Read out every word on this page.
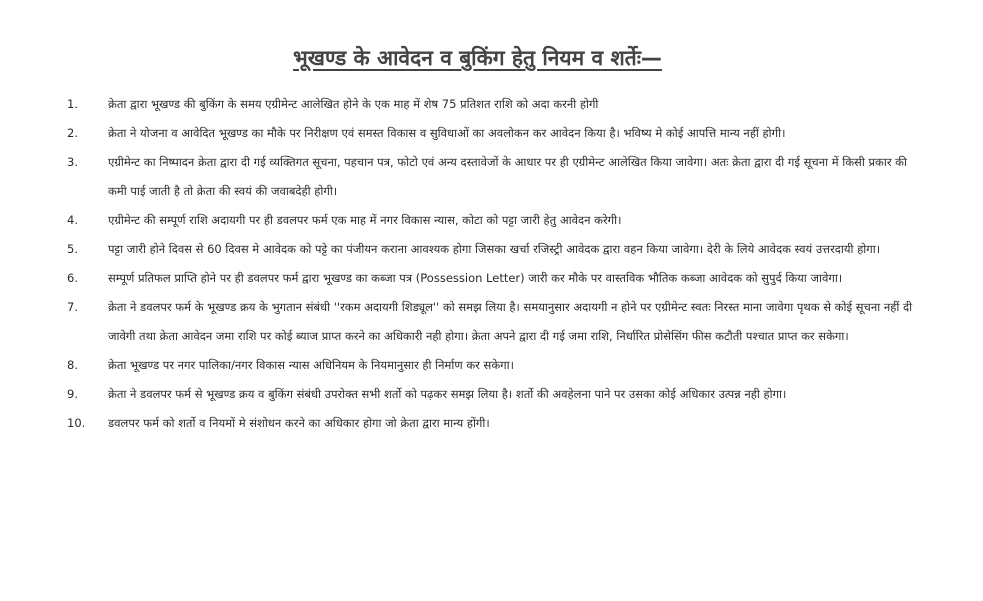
भूखण्ड के आवेदन व बुकिंग हेतु नियम व शर्तेः—
1.	क्रेता द्वारा भूखण्ड की बुकिंग के समय एग्रीमेन्ट आलेखित होने के एक माह में शेष 75 प्रतिशत राशि को अदा करनी होगी
2.	क्रेता ने योजना व आवेदित भूखण्ड का मौके पर निरीक्षण एवं समस्त विकास व सुविधाओं का अवलोकन कर आवेदन किया है। भविष्य मे कोई आपत्ति मान्य नहीं होगी।
3.	एग्रीमेन्ट का निष्पादन क्रेता द्वारा दी गई व्यक्तिगत सूचना, पहचान पत्र, फोटो एवं अन्य दस्तावेजों के आधार पर ही एग्रीमेन्ट आलेखित किया जावेगा। अतः क्रेता द्वारा दी गई सूचना में किसी प्रकार की कमी पाई जाती है तो क्रेता की स्वयं की जवाबदेही होगी।
4.	एग्रीमेन्ट की सम्पूर्ण राशि अदायगी पर ही डवलपर फर्म एक माह में नगर विकास न्यास, कोटा को पट्टा जारी हेतु आवेदन करेगी।
5.	पट्टा जारी होने दिवस से 60 दिवस मे आवेदक को पट्टे का पंजीयन कराना आवश्यक होगा जिसका खर्चा रजिस्ट्री आवेदक द्वारा वहन किया जावेगा। देरी के लिये आवेदक स्वयं उत्तरदायी होगा।
6.	सम्पूर्ण प्रतिफल प्राप्ति होने पर ही डवलपर फर्म द्वारा भूखण्ड का कब्जा पत्र (Possession Letter) जारी कर मौके पर वास्तविक भौतिक कब्जा आवेदक को सुपुर्द किया जावेगा।
7.	क्रेता ने डवलपर फर्म के भूखण्ड क्रय के भुगतान संबंधी ''रकम अदायगी शिड्यूल'' को समझ लिया है। समयानुसार अदायगी न होने पर एग्रीमेन्ट स्वतः निरस्त माना जावेगा पृथक से कोई सूचना नहीं दी जावेगी तथा क्रेता आवेदन जमा राशि पर कोई ब्याज प्राप्त करने का अधिकारी नही होगा। क्रेता अपने द्वारा दी गई जमा राशि, निर्धारित प्रोसेसिंग फीस कटौती पश्चात प्राप्त कर सकेगा।
8.	क्रेता भूखण्ड पर नगर पालिका/नगर विकास न्यास अधिनियम के नियमानुसार ही निर्माण कर सकेगा।
9.	क्रेता ने डवलपर फर्म से भूखण्ड क्रय व बुकिंग संबंधी उपरोक्त सभी शर्तो को पढ़कर समझ लिया है। शर्तो की अवहेलना पाने पर उसका कोई अधिकार उत्पन्न नही होगा।
10.	डवलपर फर्म को शर्तो व नियमों मे संशोधन करने का अधिकार होगा जो क्रेता द्वारा मान्य होंगी।
